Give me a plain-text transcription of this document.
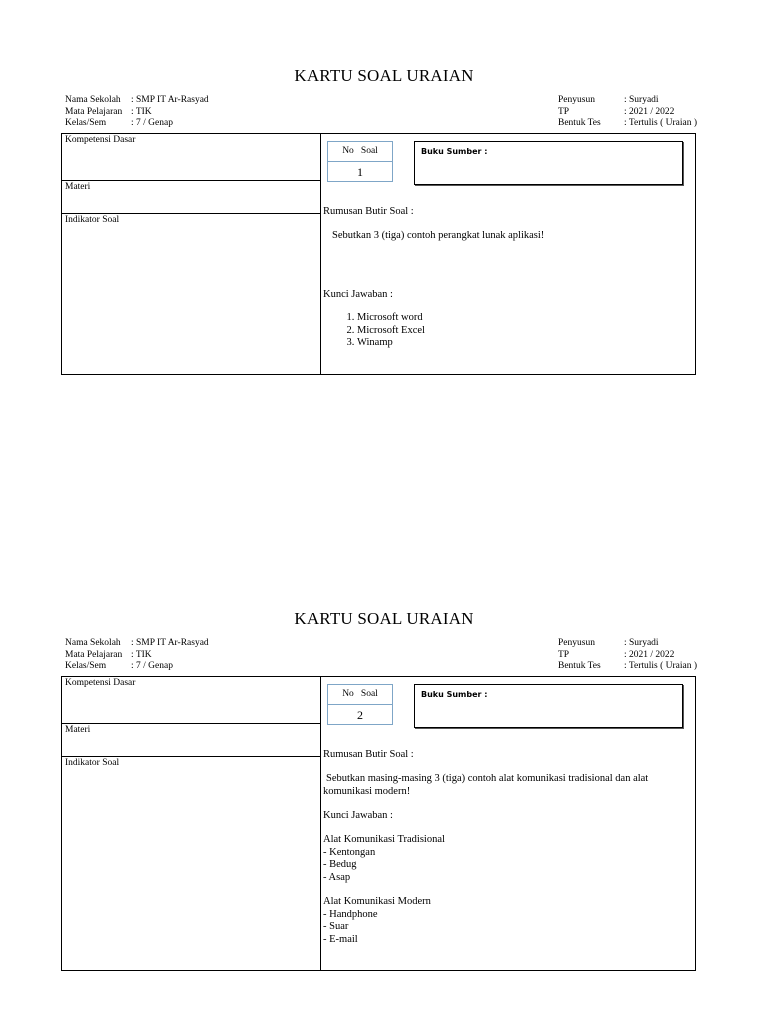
KARTU SOAL URAIAN
Nama Sekolah : SMP IT Ar-Rasyad
Mata Pelajaran : TIK
Kelas/Sem	: 7 / Genap
Penyusun	: Suryadi
TP	: 2021 / 2022
Bentuk Tes : Tertulis ( Uraian )
Kompetensi Dasar
Materi
Indikator Soal
No   Soal
1
Buku Sumber :
Rumusan Butir Soal :
Sebutkan 3 (tiga) contoh perangkat lunak aplikasi!
Kunci Jawaban :
1. Microsoft word
2. Microsoft Excel
3. Winamp
KARTU SOAL URAIAN
Nama Sekolah : SMP IT Ar-Rasyad
Mata Pelajaran : TIK
Kelas/Sem	: 7 / Genap
Penyusun	: Suryadi
TP	: 2021 / 2022
Bentuk Tes : Tertulis ( Uraian )
Kompetensi Dasar
Materi
Indikator Soal
No   Soal
2
Buku Sumber :
Rumusan Butir Soal :
Sebutkan masing-masing 3 (tiga) contoh alat komunikasi tradisional dan alat
komunikasi modern!
Kunci Jawaban :
Alat Komunikasi Tradisional
- Kentongan
- Bedug
- Asap
Alat Komunikasi Modern
- Handphone
- Suar
- E-mail
